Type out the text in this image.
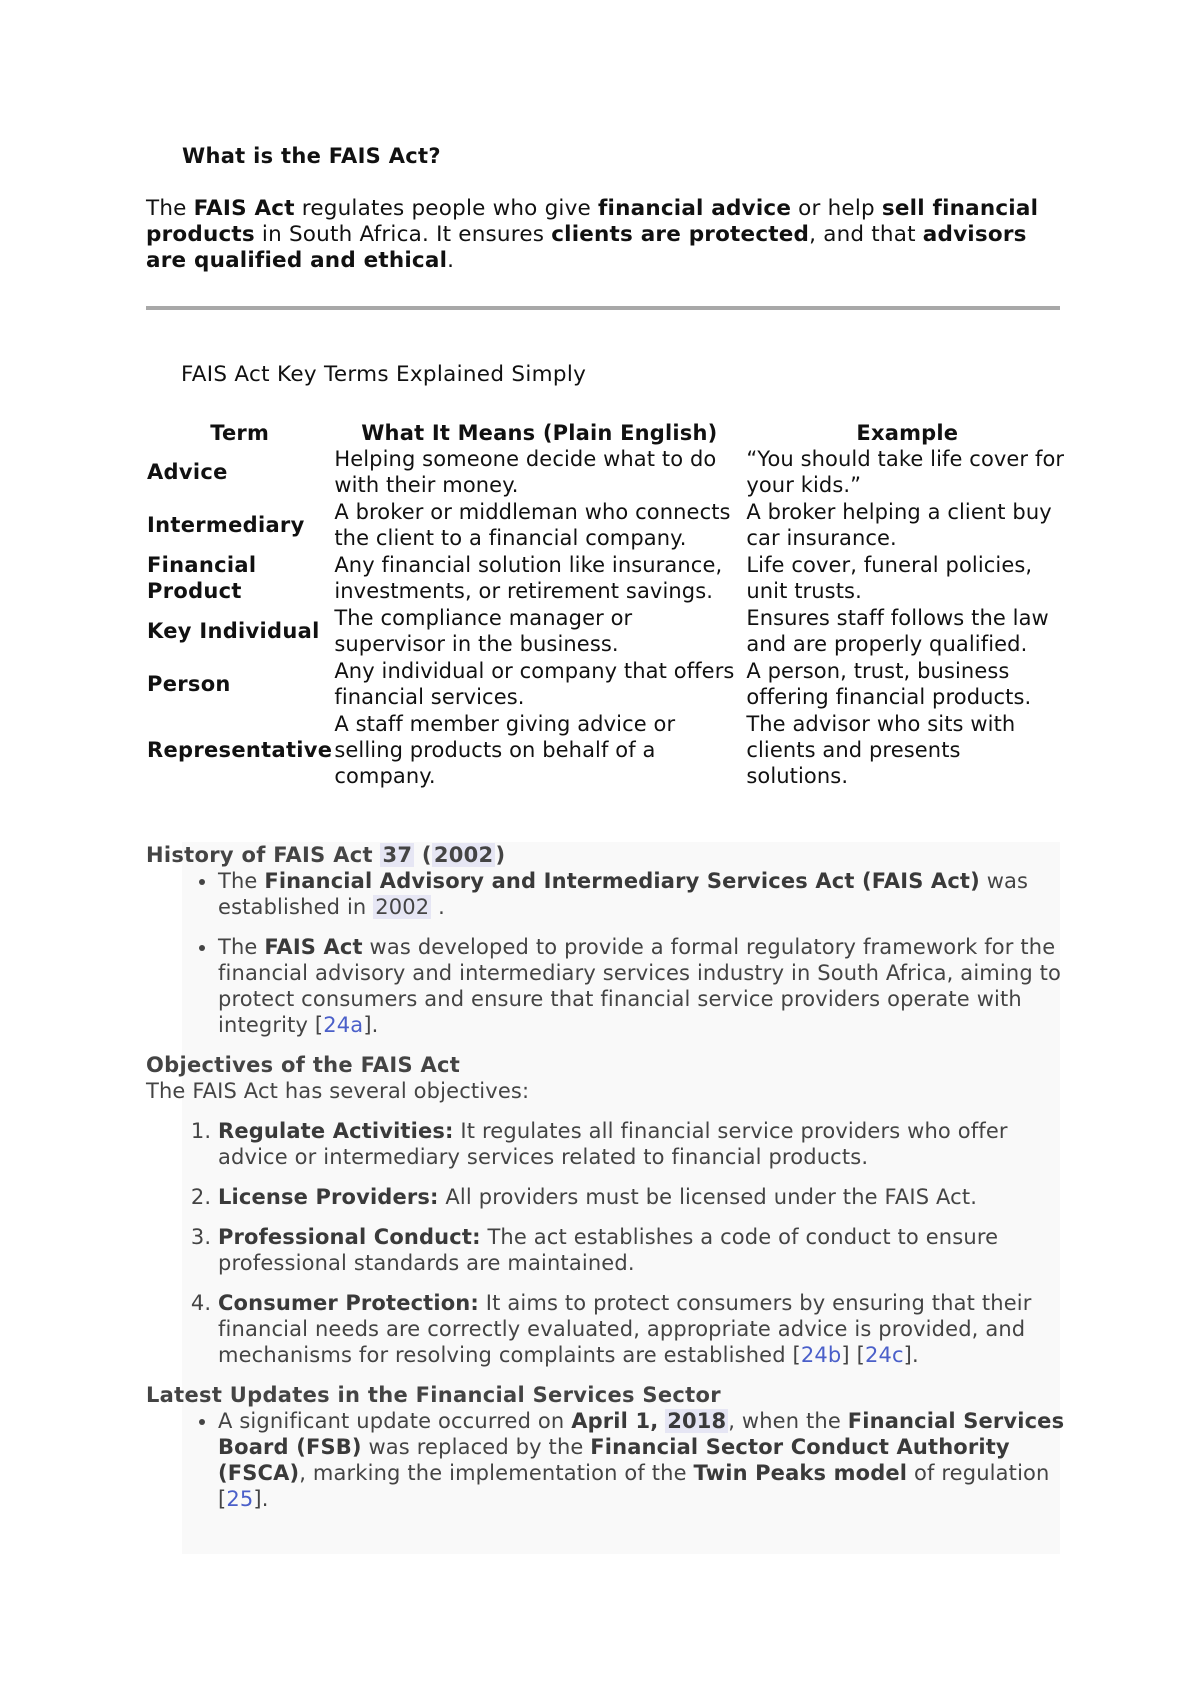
What is the FAIS Act?

The FAIS Act regulates people who give financial advice or help sell financial products in South Africa. It ensures clients are protected, and that advisors are qualified and ethical.

FAIS Act Key Terms Explained Simply
Term	What It Means (Plain English)	Example
Advice	Helping someone decide what to do with their money.	“You should take life cover for your kids.”
Intermediary	A broker or middleman who connects the client to a financial company.	A broker helping a client buy car insurance.
Financial Product	Any financial solution like insurance, investments, or retirement savings.	Life cover, funeral policies, unit trusts.
Key Individual	The compliance manager or supervisor in the business.	Ensures staff follows the law and are properly qualified.
Person	Any individual or company that offers financial services.	A person, trust, business offering financial products.
Representative	A staff member giving advice or selling products on behalf of a company.	The advisor who sits with clients and presents solutions.
History of FAIS Act 37 (2002)
• The Financial Advisory and Intermediary Services Act (FAIS Act) was established in 2002 .
• The FAIS Act was developed to provide a formal regulatory framework for the financial advisory and intermediary services industry in South Africa, aiming to protect consumers and ensure that financial service providers operate with integrity [24a].
Objectives of the FAIS Act

The FAIS Act has several objectives:

1. Regulate Activities: It regulates all financial service providers who offer advice or intermediary services related to financial products.
2. License Providers: All providers must be licensed under the FAIS Act.
3. Professional Conduct: The act establishes a code of conduct to ensure professional standards are maintained.
4. Consumer Protection: It aims to protect consumers by ensuring that their financial needs are correctly evaluated, appropriate advice is provided, and mechanisms for resolving complaints are established [24b] [24c].
Latest Updates in the Financial Services Sector
• A significant update occurred on April 1, 2018, when the Financial Services Board (FSB) was replaced by the Financial Sector Conduct Authority (FSCA), marking the implementation of the Twin Peaks model of regulation [25].
